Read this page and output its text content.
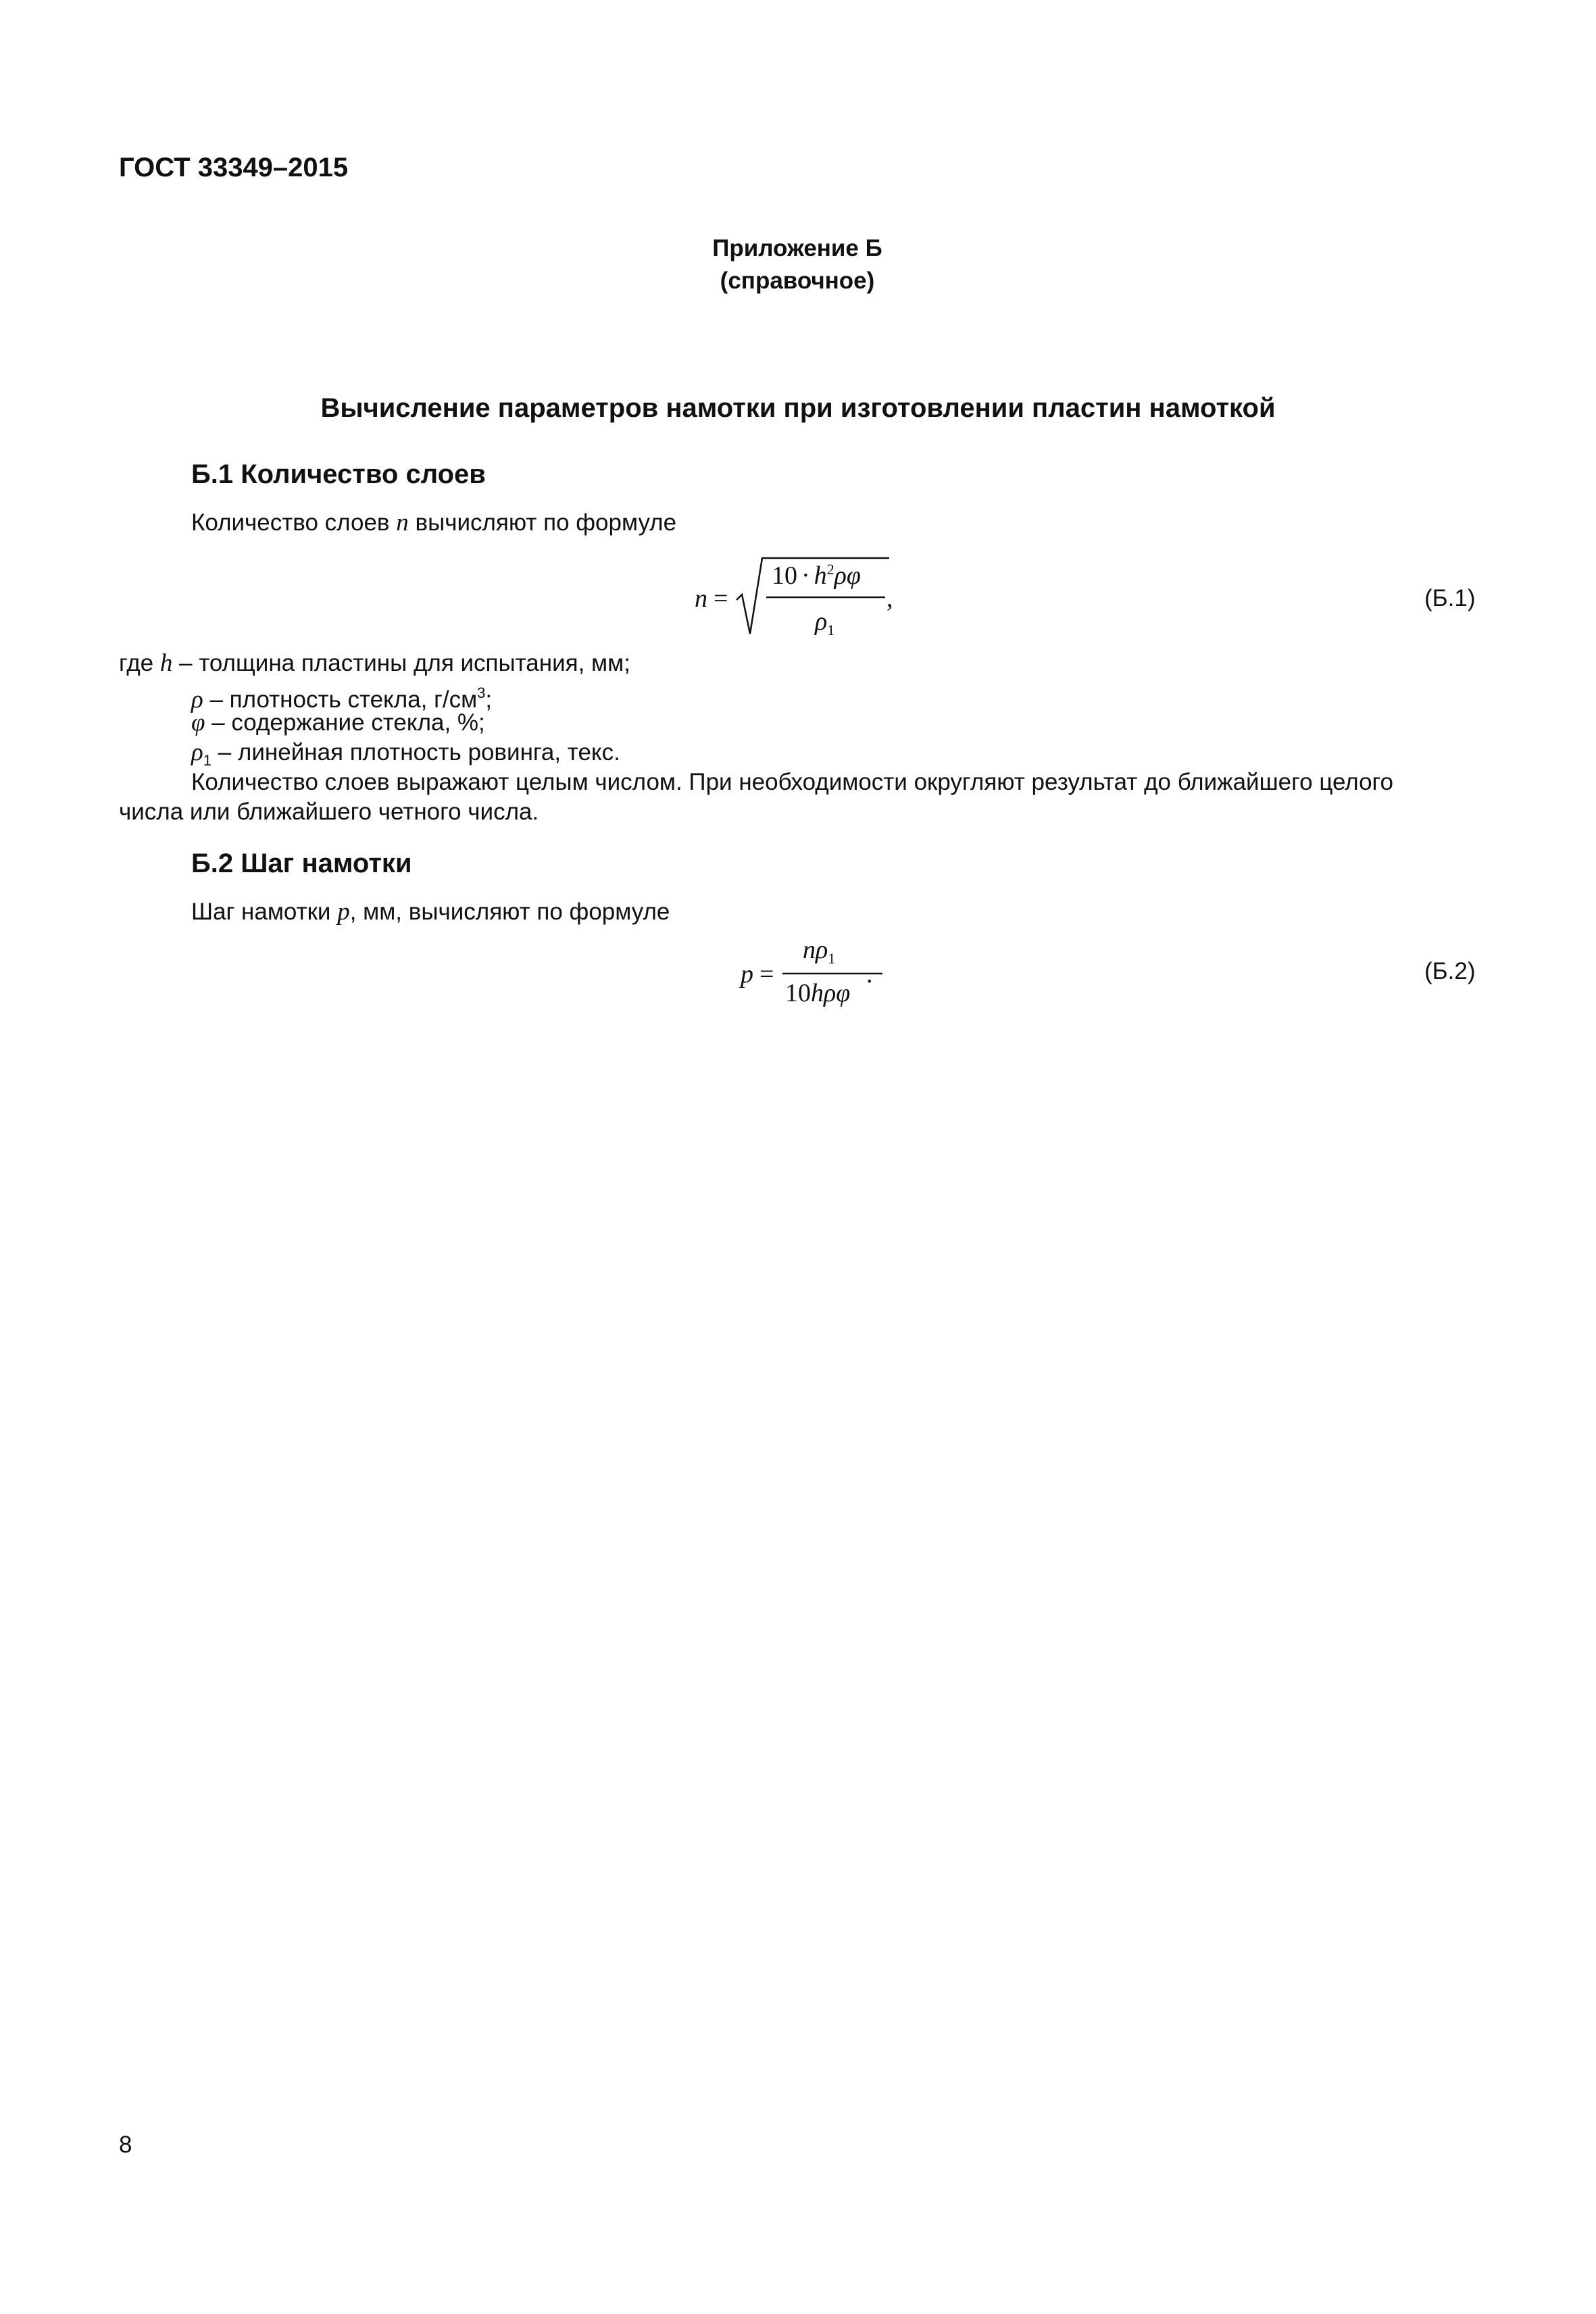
ГОСТ 33349–2015
Приложение Б
(справочное)
Вычисление параметров намотки при изготовлении пластин намоткой
Б.1 Количество слоев
Количество слоев n вычисляют по формуле
n =
$10 \cdot h^2\rho\varphi$
$\rho_1$
,	(Б.1)
где h – толщина пластины для испытания, мм;
ρ – плотность стекла, $г/см^3$;
φ – содержание стекла, %;
$\rho_1$ – линейная плотность ровинга, текс.
Количество слоев выражают целым числом. При необходимости округляют результат до ближайшего целого
числа или ближайшего четного числа.
Б.2 Шаг намотки
Шаг намотки p, мм, вычисляют по формуле
p =
$n\rho_1$
10hρφ
.	(Б.2)
8
